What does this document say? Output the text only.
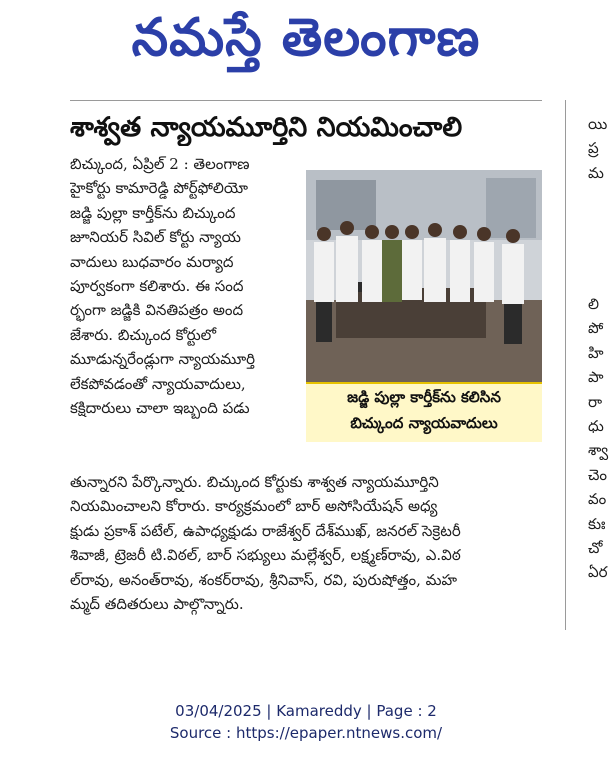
నమస్తే తెలంగాణ
శాశ్వత న్యాయమూర్తిని నియమించాలి
బిచ్కుంద, ఏప్రిల్ 2 : తెలంగాణ
హైకోర్టు కామారెడ్డి పోర్ట్‌ఫోలియో
జడ్జి పుల్లా కార్తీక్‌ను బిచ్కుంద
జూనియర్ సివిల్ కోర్టు న్యాయ
వాదులు బుధవారం మర్యాద
పూర్వకంగా కలిశారు. ఈ సంద
ర్భంగా జడ్జికి వినతిపత్రం అంద
జేశారు. బిచ్కుంద కోర్టులో
మూడున్నరేండ్లుగా న్యాయమూర్తి
లేకపోవడంతో న్యాయవాదులు,
కక్షిదారులు చాలా ఇబ్బంది పడు
జడ్జి పుల్లా కార్తీక్‌ను కలిసిన
బిచ్కుంద న్యాయవాదులు
తున్నారని పేర్కొన్నారు. బిచ్కుంద కోర్టుకు శాశ్వత న్యాయమూర్తిని
నియమించాలని కోరారు. కార్యక్రమంలో బార్ అసోసియేషన్ అధ్య
క్షుడు ప్రకాశ్ పటేల్, ఉపాధ్యక్షుడు రాజేశ్వర్ దేశ్‌ముఖ్, జనరల్ సెక్రెటరీ
శివాజీ, ట్రెజరీ టి.విఠల్, బార్ సభ్యులు మల్లేశ్వర్, లక్ష్మణ్‌రావు, ఎ.విఠ
ల్‌రావు, అనంత్‌రావు, శంకర్‌రావు, శ్రీనివాస్, రవి, పురుషోత్తం, మహ
మ్మద్ తదితరులు పాల్గొన్నారు.
యి
ప్ర
మ
లి
పో
హి
పా
రా
ధు
శ్వా
చెం
వం
కుః
చో
ఏర
03/04/2025 | Kamareddy | Page : 2
Source : https://epaper.ntnews.com/
